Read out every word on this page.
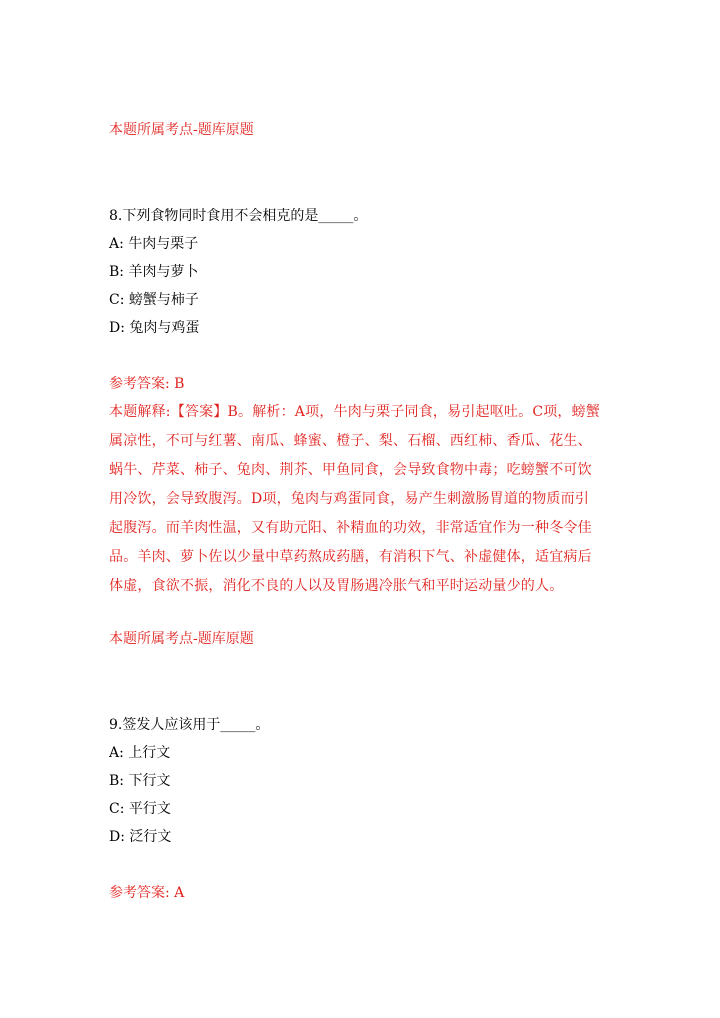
本题所属考点-题库原题
8.下列食物同时食用不会相克的是_____。
A: 牛肉与栗子
B: 羊肉与萝卜
C: 螃蟹与柿子
D: 兔肉与鸡蛋
参考答案: B
本题解释:【答案】B。解析：A项，牛肉与栗子同食，易引起呕吐。C项，螃蟹
属凉性，不可与红薯、南瓜、蜂蜜、橙子、梨、石榴、西红柿、香瓜、花生、
蜗牛、芹菜、柿子、兔肉、荆芥、甲鱼同食，会导致食物中毒；吃螃蟹不可饮
用冷饮，会导致腹泻。D项，兔肉与鸡蛋同食，易产生刺激肠胃道的物质而引
起腹泻。而羊肉性温，又有助元阳、补精血的功效，非常适宜作为一种冬令佳
品。羊肉、萝卜佐以少量中草药熬成药膳，有消积下气、补虚健体，适宜病后
体虚，食欲不振，消化不良的人以及胃肠遇冷胀气和平时运动量少的人。
本题所属考点-题库原题
9.签发人应该用于_____。
A: 上行文
B: 下行文
C: 平行文
D: 泛行文
参考答案: A
